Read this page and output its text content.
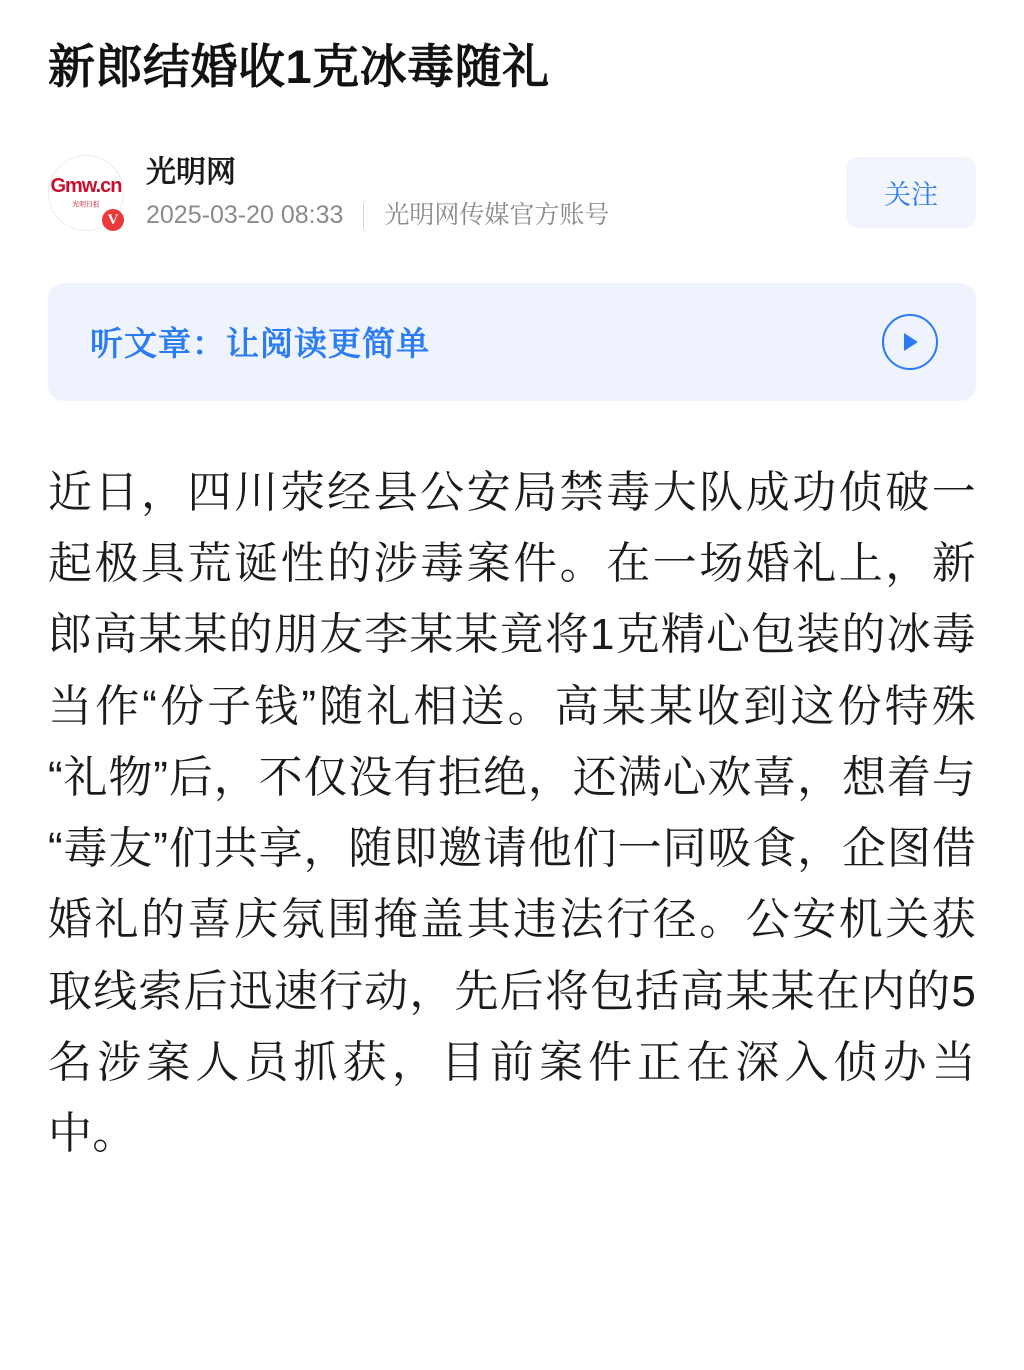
新郎结婚收1克冰毒随礼
Gmw.cn
光明日报
V
光明网
2025-03-20 08:33 光明网传媒官方账号
关注
听文章：让阅读更简单

近日，四川荥经县公安局禁毒大队成功侦破一起极具荒诞性的涉毒案件。在一场婚礼上，新郎高某某的朋友李某某竟将1克精心包装的冰毒当作“份子钱”随礼相送。高某某收到这份特殊“礼物”后，不仅没有拒绝，还满心欢喜，想着与“毒友”们共享，随即邀请他们一同吸食，企图借婚礼的喜庆氛围掩盖其违法行径。公安机关获取线索后迅速行动，先后将包括高某某在内的5名涉案人员抓获，目前案件正在深入侦办当中。
